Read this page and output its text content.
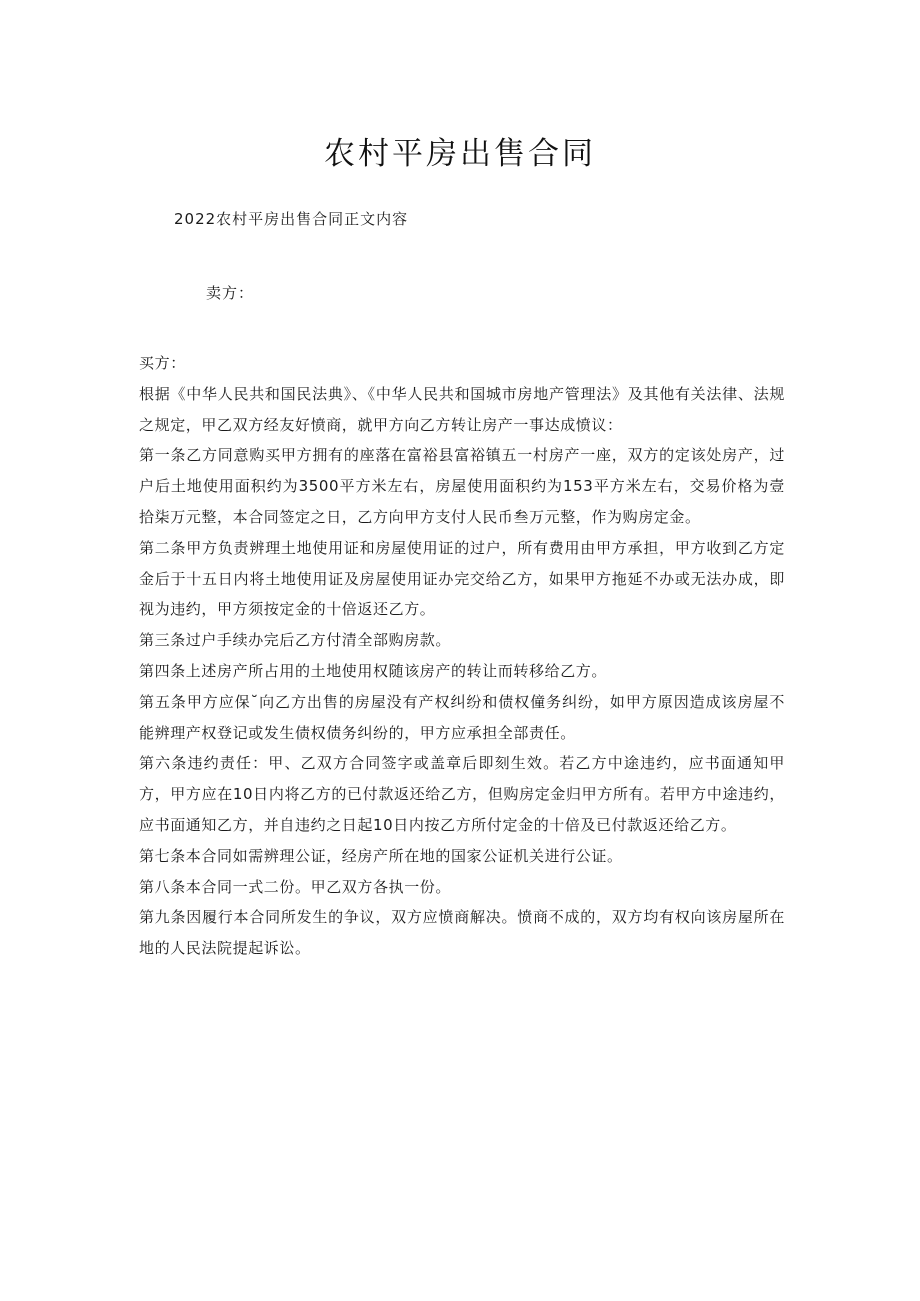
农村平房出售合同

2022农村平房出售合同正文内容

卖方：

买方：

根据《中华人民共和国民法典》、《中华人民共和国城市房地产管理法》及其他有关法律、法规之规定，甲乙双方经友好愤商，就甲方向乙方转让房产一事达成愤议：

第一条乙方同意购买甲方拥有的座落在富裕县富裕镇五一村房产一座，双方的定该处房产，过户后土地使用面积约为3500平方米左右，房屋使用面积约为153平方米左右，交易价格为壹拾柒万元整，本合同签定之日，乙方向甲方支付人民币叁万元整，作为购房定金。

第二条甲方负责辨理土地使用证和房屋使用证的过户，所有费用由甲方承担，甲方收到乙方定金后于十五日内将土地使用证及房屋使用证办完交给乙方，如果甲方拖延不办或无法办成，即视为违约，甲方须按定金的十倍返还乙方。

第三条过户手续办完后乙方付清全部购房款。

第四条上述房产所占用的土地使用权随该房产的转让而转移给乙方。

第五条甲方应保˘向乙方出售的房屋没有产权纠纷和债权僮务纠纷，如甲方原因造成该房屋不能辨理产权登记或发生债权债务纠纷的，甲方应承担全部责任。

第六条违约责任：甲、乙双方合同签字或盖章后即刻生效。若乙方中途违约，应书面通知甲方，甲方应在10日内将乙方的已付款返还给乙方，但购房定金归甲方所有。若甲方中途违约，应书面通知乙方，并自违约之日起10日内按乙方所付定金的十倍及已付款返还给乙方。

第七条本合同如需辨理公证，经房产所在地的国家公证机关进行公证。

第八条本合同一式二份。甲乙双方各执一份。

第九条因履行本合同所发生的争议，双方应愤商解决。愤商不成的，双方均有权向该房屋所在地的人民法院提起诉讼。
